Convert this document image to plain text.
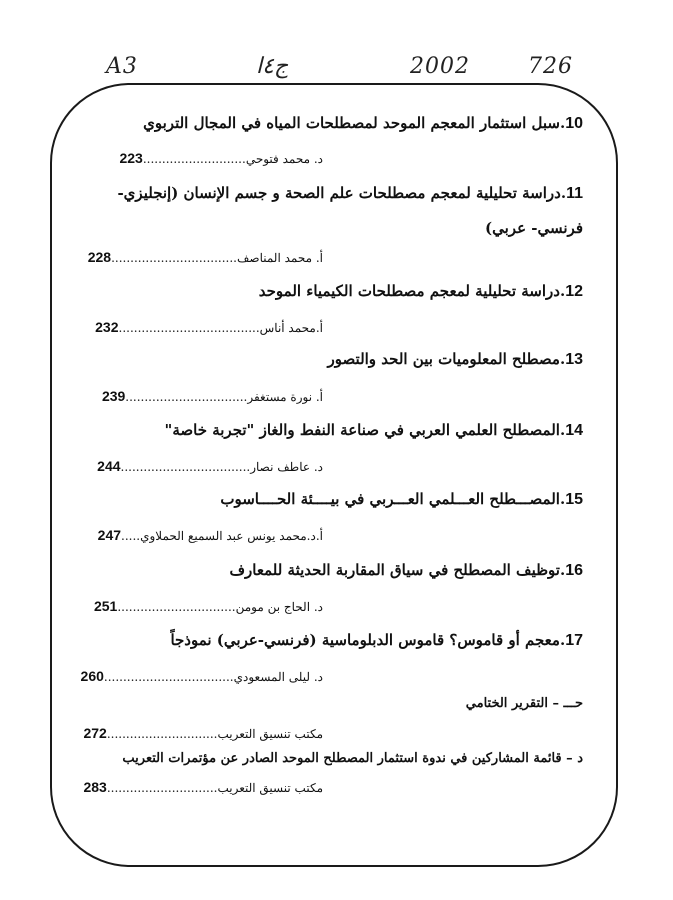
A3	ج٤ا	2002	726
10.سبل استثمار المعجم الموحد لمصطلحات المياه في المجال التربوي
د. محمد فتوحي...........................223
11.دراسة تحليلية لمعجم مصطلحات علم الصحة و جسم الإنسان (إنجليزي- فرنسي- عربي)
أ. محمد المناصف.................................228
12.دراسة تحليلية لمعجم مصطلحات الكيمياء الموحد
أ.محمد أناس.....................................232
13.مصطلح المعلوميات بين الحد والتصور
أ. نورة مستغفر................................239
14.المصطلح العلمي العربي في صناعة النفط والغاز "تجربة خاصة"
د. عاطف نصار..................................244
15.المصـــطلح العـــلمي العـــربي في بيــــئة الحــــاسوب
أ.د.محمد يونس عبد السميع الحملاوي.....247
16.توظيف المصطلح في سياق المقاربة الحديثة للمعارف
د. الحاج بن مومن...............................251
17.معجم أو قاموس؟ قاموس الدبلوماسية (فرنسي-عربي) نموذجاً
د. ليلى المسعودي..................................260
حـــ – التقرير الختامي
مكتب تنسيق التعريب.............................272
د – قائمة المشاركين في ندوة استثمار المصطلح الموحد الصادر عن مؤتمرات التعريب
مكتب تنسيق التعريب.............................283
